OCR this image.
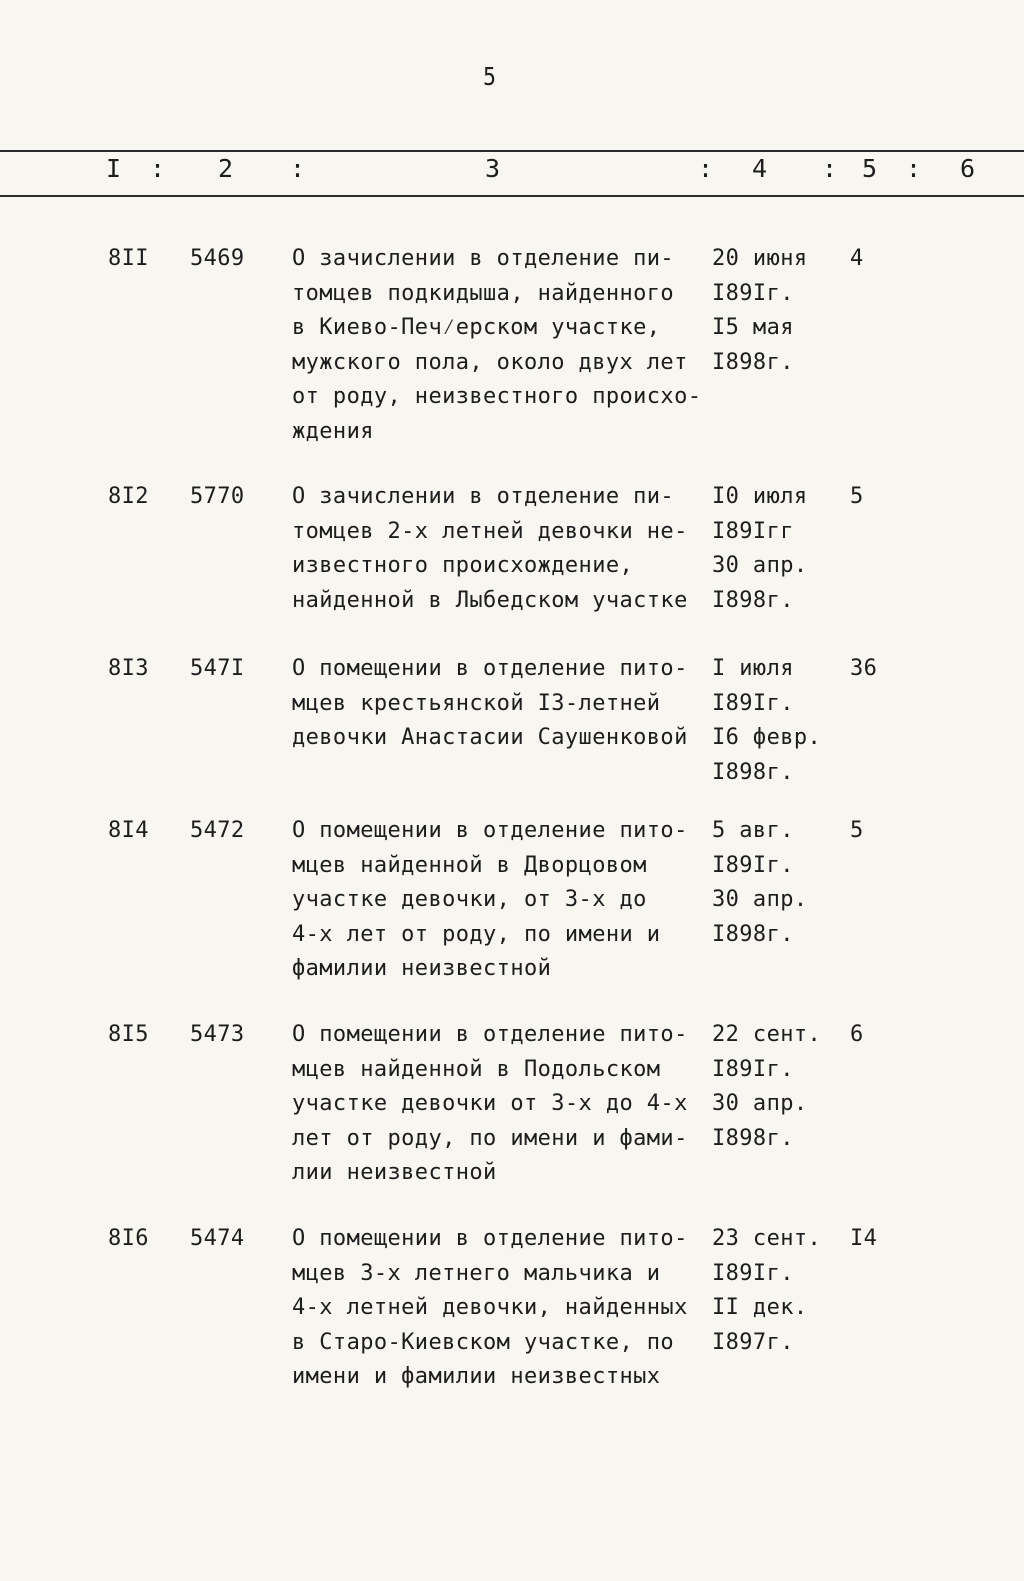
5
I : 2 :	3	: 4 : 5 : 6
8II 5469 О зачислении в отделение пи-
томцев подкидыша, найденного
в Киево-Печ⁄ерском участке,
мужского пола, около двух лет
от роду, неизвестного происхо-
ждения
20 июня
I89Iг.
I5 мая
I898г.
4
8I2 5770 О зачислении в отделение пи-
томцев 2-х летней девочки не-
известного происхождение,
найденной в Лыбедском участке
I0 июля
I89Iгг
30 апр.
I898г.
5
8I3 547I О помещении в отделение пито-
мцев крестьянской I3-летней
девочки Анастасии Саушенковой
I июля
I89Iг.
I6 февр.
I898г.
36
8I4 5472 О помещении в отделение пито-
мцев найденной в Дворцовом
участке девочки, от 3-х до
4-х лет от роду, по имени и
фамилии неизвестной
5 авг.
I89Iг.
30 апр.
I898г.
5
8I5 5473 О помещении в отделение пито-
мцев найденной в Подольском
участке девочки от 3-х до 4-х
лет от роду, по имени и фами-
лии неизвестной
22 сент.
I89Iг.
30 апр.
I898г.
6
8I6 5474 О помещении в отделение пито-
мцев 3-х летнего мальчика и
4-х летней девочки, найденных
в Старо-Киевском участке, по
имени и фамилии неизвестных
23 сент.
I89Iг.
II дек.
I897г.
I4
